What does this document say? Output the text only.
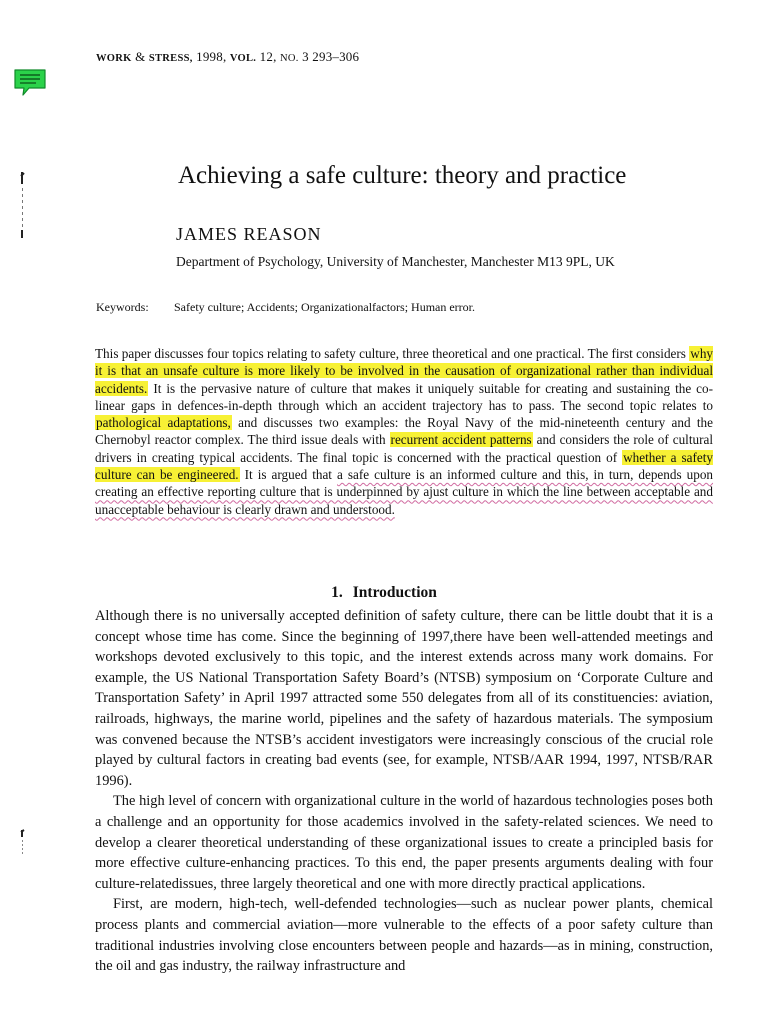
WORK & STRESS, 1998, VOL. 12, NO. 3 293–306
Achieving a safe culture: theory and practice
JAMES REASON
Department of Psychology, University of Manchester, Manchester M13 9PL, UK
Keywords: Safety culture; Accidents; Organizationalfactors; Human error.
This paper discusses four topics relating to safety culture, three theoretical and one practical. The first considers why it is that an unsafe culture is more likely to be involved in the causation of organizational rather than individual accidents. It is the pervasive nature of culture that makes it uniquely suitable for creating and sustaining the co-linear gaps in defences-in-depth through which an accident trajectory has to pass. The second topic relates to pathological adaptations, and discusses two examples: the Royal Navy of the mid-nineteenth century and the Chernobyl reactor complex. The third issue deals with recurrent accident patterns and considers the role of cultural drivers in creating typical accidents. The final topic is concerned with the practical question of whether a safety culture can be engineered. It is argued that a safe culture is an informed culture and this, in turn, depends upon creating an effective reporting culture that is underpinned by ajust culture in which the line between acceptable and unacceptable behaviour is clearly drawn and understood.
1. Introduction

Although there is no universally accepted definition of safety culture, there can be little doubt that it is a concept whose time has come. Since the beginning of 1997,there have been well-attended meetings and workshops devoted exclusively to this topic, and the interest extends across many work domains. For example, the US National Transportation Safety Board’s (NTSB) symposium on ‘Corporate Culture and Transportation Safety’ in April 1997 attracted some 550 delegates from all of its constituencies: aviation, railroads, highways, the marine world, pipelines and the safety of hazardous materials. The symposium was convened because the NTSB’s accident investigators were increasingly conscious of the crucial role played by cultural factors in creating bad events (see, for example, NTSB/AAR 1994, 1997, NTSB/RAR 1996).

The high level of concern with organizational culture in the world of hazardous technologies poses both a challenge and an opportunity for those academics involved in the safety-related sciences. We need to develop a clearer theoretical understanding of these organizational issues to create a principled basis for more effective culture-enhancing practices. To this end, the paper presents arguments dealing with four culture-relatedissues, three largely theoretical and one with more directly practical applications.

First, are modern, high-tech, well-defended technologies—such as nuclear power plants, chemical process plants and commercial aviation—more vulnerable to the effects of a poor safety culture than traditional industries involving close encounters between people and hazards—as in mining, construction, the oil and gas industry, the railway infrastructure and
